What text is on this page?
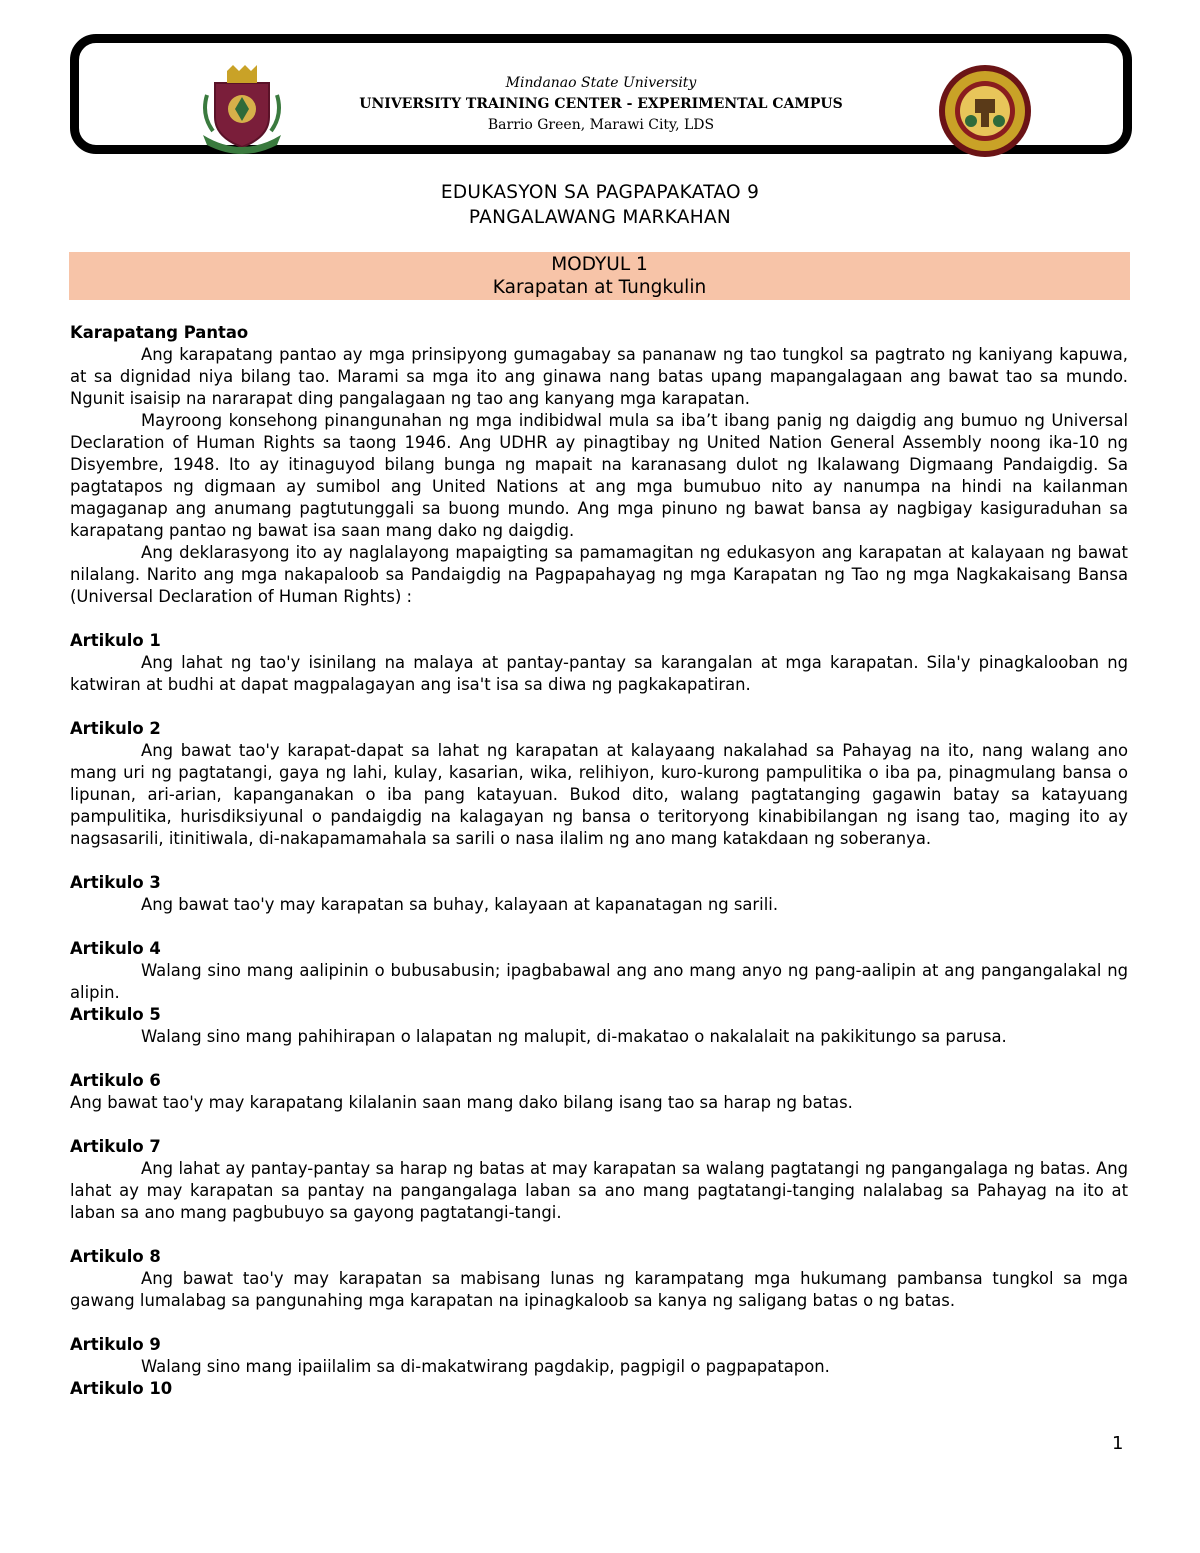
Mindanao State University
UNIVERSITY TRAINING CENTER - EXPERIMENTAL CAMPUS
Barrio Green, Marawi City, LDS
EDUKASYON SA PAGPAPAKATAO 9
PANGALAWANG MARKAHAN
MODYUL 1
Karapatan at Tungkulin

Karapatang Pantao

Ang karapatang pantao ay mga prinsipyong gumagabay sa pananaw ng tao tungkol sa pagtrato ng kaniyang kapuwa, at sa dignidad niya bilang tao. Marami sa mga ito ang ginawa nang batas upang mapangalagaan ang bawat tao sa mundo. Ngunit isaisip na nararapat ding pangalagaan ng tao ang kanyang mga karapatan.

Mayroong konsehong pinangunahan ng mga indibidwal mula sa iba’t ibang panig ng daigdig ang bumuo ng Universal Declaration of Human Rights sa taong 1946. Ang UDHR ay pinagtibay ng United Nation General Assembly noong ika-10 ng Disyembre, 1948. Ito ay itinaguyod bilang bunga ng mapait na karanasang dulot ng Ikalawang Digmaang Pandaigdig. Sa pagtatapos ng digmaan ay sumibol ang United Nations at ang mga bumubuo nito ay nanumpa na hindi na kailanman magaganap ang anumang pagtutunggali sa buong mundo. Ang mga pinuno ng bawat bansa ay nagbigay kasiguraduhan sa karapatang pantao ng bawat isa saan mang dako ng daigdig.

Ang deklarasyong ito ay naglalayong mapaigting sa pamamagitan ng edukasyon ang karapatan at kalayaan ng bawat nilalang. Narito ang mga nakapaloob sa Pandaigdig na Pagpapahayag ng mga Karapatan ng Tao ng mga Nagkakaisang Bansa (Universal Declaration of Human Rights) :

Artikulo 1

Ang lahat ng tao'y isinilang na malaya at pantay-pantay sa karangalan at mga karapatan. Sila'y pinagkalooban ng katwiran at budhi at dapat magpalagayan ang isa't isa sa diwa ng pagkakapatiran.

Artikulo 2

Ang bawat tao'y karapat-dapat sa lahat ng karapatan at kalayaang nakalahad sa Pahayag na ito, nang walang ano mang uri ng pagtatangi, gaya ng lahi, kulay, kasarian, wika, relihiyon, kuro-kurong pampulitika o iba pa, pinagmulang bansa o lipunan, ari-arian, kapanganakan o iba pang katayuan. Bukod dito, walang pagtatanging gagawin batay sa katayuang pampulitika, hurisdiksiyunal o pandaigdig na kalagayan ng bansa o teritoryong kinabibilangan ng isang tao, maging ito ay nagsasarili, itinitiwala, di-nakapamamahala sa sarili o nasa ilalim ng ano mang katakdaan ng soberanya.

Artikulo 3

Ang bawat tao'y may karapatan sa buhay, kalayaan at kapanatagan ng sarili.

Artikulo 4

Walang sino mang aalipinin o bubusabusin; ipagbabawal ang ano mang anyo ng pang-aalipin at ang pangangalakal ng alipin.

Artikulo 5

Walang sino mang pahihirapan o lalapatan ng malupit, di-makatao o nakalalait na pakikitungo sa parusa.

Artikulo 6

Ang bawat tao'y may karapatang kilalanin saan mang dako bilang isang tao sa harap ng batas.

Artikulo 7

Ang lahat ay pantay-pantay sa harap ng batas at may karapatan sa walang pagtatangi ng pangangalaga ng batas. Ang lahat ay may karapatan sa pantay na pangangalaga laban sa ano mang pagtatangi-tanging nalalabag sa Pahayag na ito at laban sa ano mang pagbubuyo sa gayong pagtatangi-tangi.

Artikulo 8

Ang bawat tao'y may karapatan sa mabisang lunas ng karampatang mga hukumang pambansa tungkol sa mga gawang lumalabag sa pangunahing mga karapatan na ipinagkaloob sa kanya ng saligang batas o ng batas.

Artikulo 9

Walang sino mang ipaiilalim sa di-makatwirang pagdakip, pagpigil o pagpapatapon.

Artikulo 10

1
